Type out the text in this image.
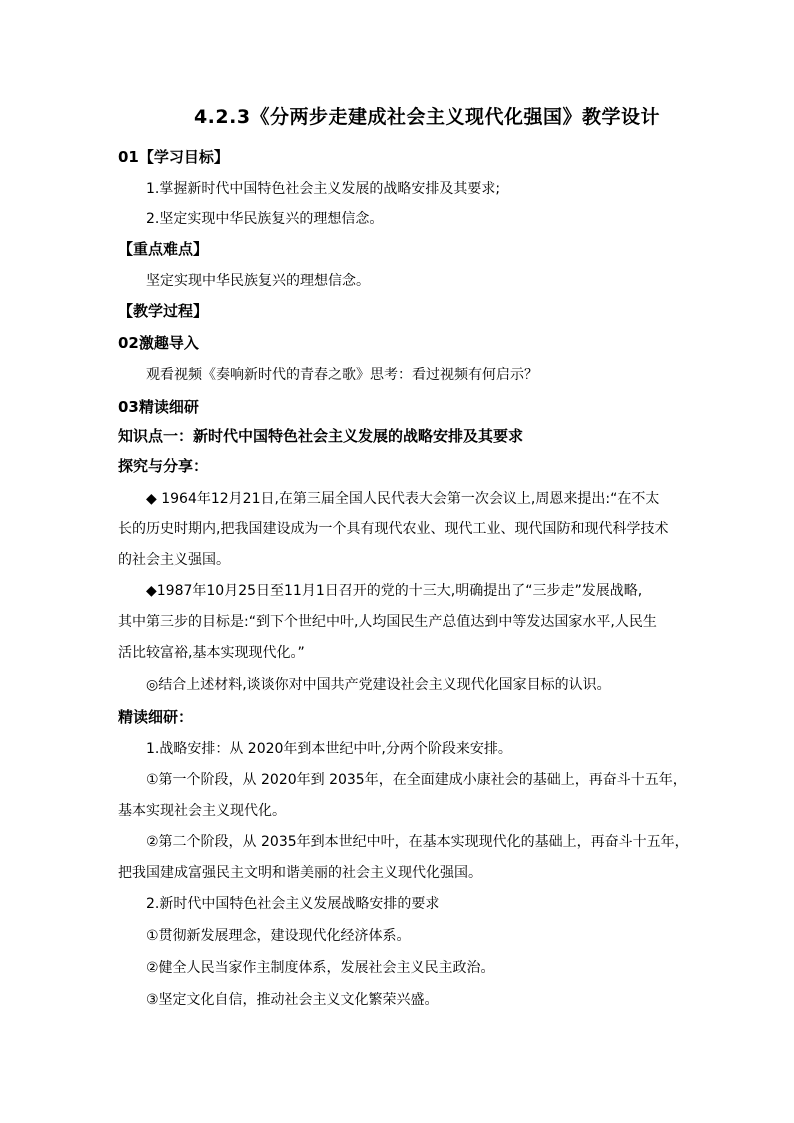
4.2.3《分两步走建成社会主义现代化强国》教学设计
01【学习目标】
1.掌握新时代中国特色社会主义发展的战略安排及其要求;
2.坚定实现中华民族复兴的理想信念。
【重点难点】
坚定实现中华民族复兴的理想信念。
【教学过程】
02激趣导入
观看视频《奏响新时代的青春之歌》思考：看过视频有何启示？
03精读细研
知识点一：新时代中国特色社会主义发展的战略安排及其要求
探究与分享：
◆ 1964年12月21日,在第三届全国人民代表大会第一次会议上,周恩来提出:“在不太
长的历史时期内,把我国建设成为一个具有现代农业、现代工业、现代国防和现代科学技术
的社会主义强国。
◆1987年10月25日至11月1日召开的党的十三大,明确提出了“三步走”发展战略,
其中第三步的目标是:“到下个世纪中叶,人均国民生产总值达到中等发达国家水平,人民生
活比较富裕,基本实现现代化。”
◎结合上述材料,谈谈你对中国共产党建设社会主义现代化国家目标的认识。
精读细研：
1.战略安排：从 2020年到本世纪中叶,分两个阶段来安排。
①第一个阶段，从 2020年到 2035年，在全面建成小康社会的基础上，再奋斗十五年，
基本实现社会主义现代化。
②第二个阶段，从 2035年到本世纪中叶，在基本实现现代化的基础上，再奋斗十五年，
把我国建成富强民主文明和谐美丽的社会主义现代化强国。
2.新时代中国特色社会主义发展战略安排的要求
①贯彻新发展理念，建设现代化经济体系。
②健全人民当家作主制度体系，发展社会主义民主政治。
③坚定文化自信，推动社会主义文化繁荣兴盛。
